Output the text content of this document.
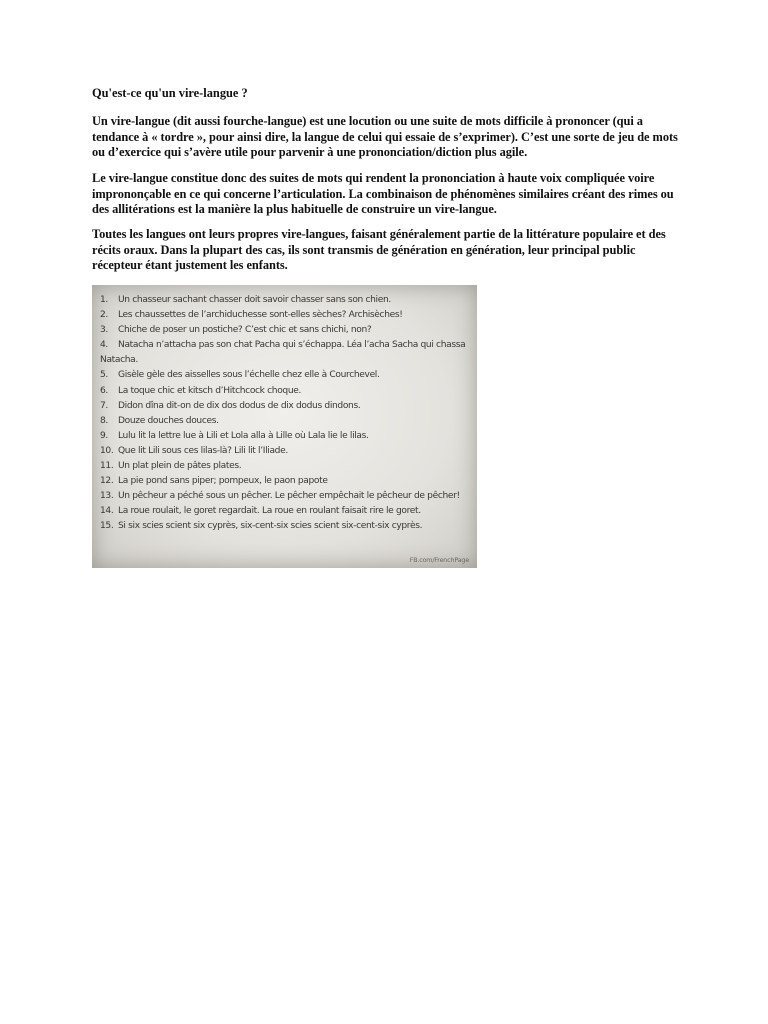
Qu'est-ce qu'un vire-langue ?

Un vire-langue (dit aussi fourche-langue) est une locution ou une suite de mots difficile à prononcer (qui a tendance à « tordre », pour ainsi dire, la langue de celui qui essaie de s’exprimer). C’est une sorte de jeu de mots ou d’exercice qui s’avère utile pour parvenir à une prononciation/diction plus agile.

Le vire-langue constitue donc des suites de mots qui rendent la prononciation à haute voix compliquée voire imprononçable en ce qui concerne l’articulation. La combinaison de phénomènes similaires créant des rimes ou des allitérations est la manière la plus habituelle de construire un vire-langue.

Toutes les langues ont leurs propres vire-langues, faisant généralement partie de la littérature populaire et des récits oraux. Dans la plupart des cas, ils sont transmis de génération en génération, leur principal public récepteur étant justement les enfants.

1. Un chasseur sachant chasser doit savoir chasser sans son chien.
2. Les chaussettes de l’archiduchesse sont-elles sèches? Archisèches!
3. Chiche de poser un postiche? C’est chic et sans chichi, non?
4. Natacha n’attacha pas son chat Pacha qui s’échappa. Léa l’acha Sacha qui chassa Natacha.
5. Gisèle gèle des aisselles sous l’échelle chez elle à Courchevel.
6. La toque chic et kitsch d’Hitchcock choque.
7. Didon dîna dit-on de dix dos dodus de dix dodus dindons.
8. Douze douches douces.
9. Lulu lit la lettre lue à Lili et Lola alla à Lille où Lala lie le lilas.
10. Que lit Lili sous ces lilas-là? Lili lit l’Iliade.
11. Un plat plein de pâtes plates.
12. La pie pond sans piper; pompeux, le paon papote
13. Un pêcheur a péché sous un pêcher. Le pêcher empêchait le pêcheur de pêcher!
14. La roue roulait, le goret regardait. La roue en roulant faisait rire le goret.
15. Si six scies scient six cyprès, six-cent-six scies scient six-cent-six cyprès.
FB.com/FrenchPage
